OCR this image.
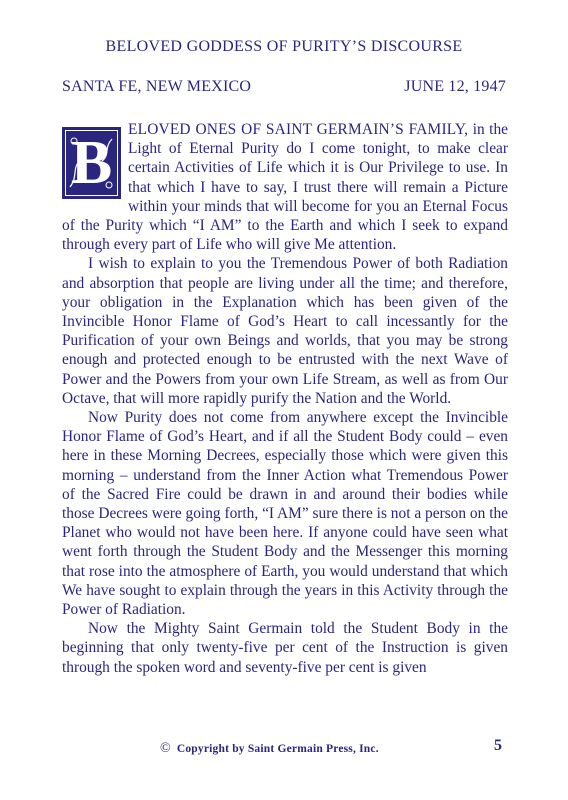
BELOVED GODDESS OF PURITY’S DISCOURSE
SANTA FE, NEW MEXICO	JUNE 12, 1947

B	ELOVED ONES OF SAINT GERMAIN’S FAMILY, in the Light of Eternal Purity do I come tonight, to make clear certain Activities of Life which it is Our Privilege to use. In that which I have to say, I trust there will remain a Picture within your minds that will become for you an Eternal Focus of the Purity which “I AM” to the Earth and which I seek to expand through every part of Life who will give Me attention.

I wish to explain to you the Tremendous Power of both Radiation and absorption that people are living under all the time; and therefore, your obligation in the Explanation which has been given of the Invincible Honor Flame of God’s Heart to call incessantly for the Purification of your own Beings and worlds, that you may be strong enough and protected enough to be entrusted with the next Wave of Power and the Powers from your own Life Stream, as well as from Our Octave, that will more rapidly purify the Nation and the World.

Now Purity does not come from anywhere except the Invincible Honor Flame of God’s Heart, and if all the Student Body could – even here in these Morning Decrees, especially those which were given this morning – understand from the Inner Action what Tremendous Power of the Sacred Fire could be drawn in and around their bodies while those Decrees were going forth, “I AM” sure there is not a person on the Planet who would not have been here. If anyone could have seen what went forth through the Student Body and the Messenger this morning that rose into the atmosphere of Earth, you would understand that which We have sought to explain through the years in this Activity through the Power of Radiation.

Now the Mighty Saint Germain told the Student Body in the beginning that only twenty-five per cent of the Instruction is given through the spoken word and seventy-five per cent is given

© Copyright by Saint Germain Press, Inc.	5
